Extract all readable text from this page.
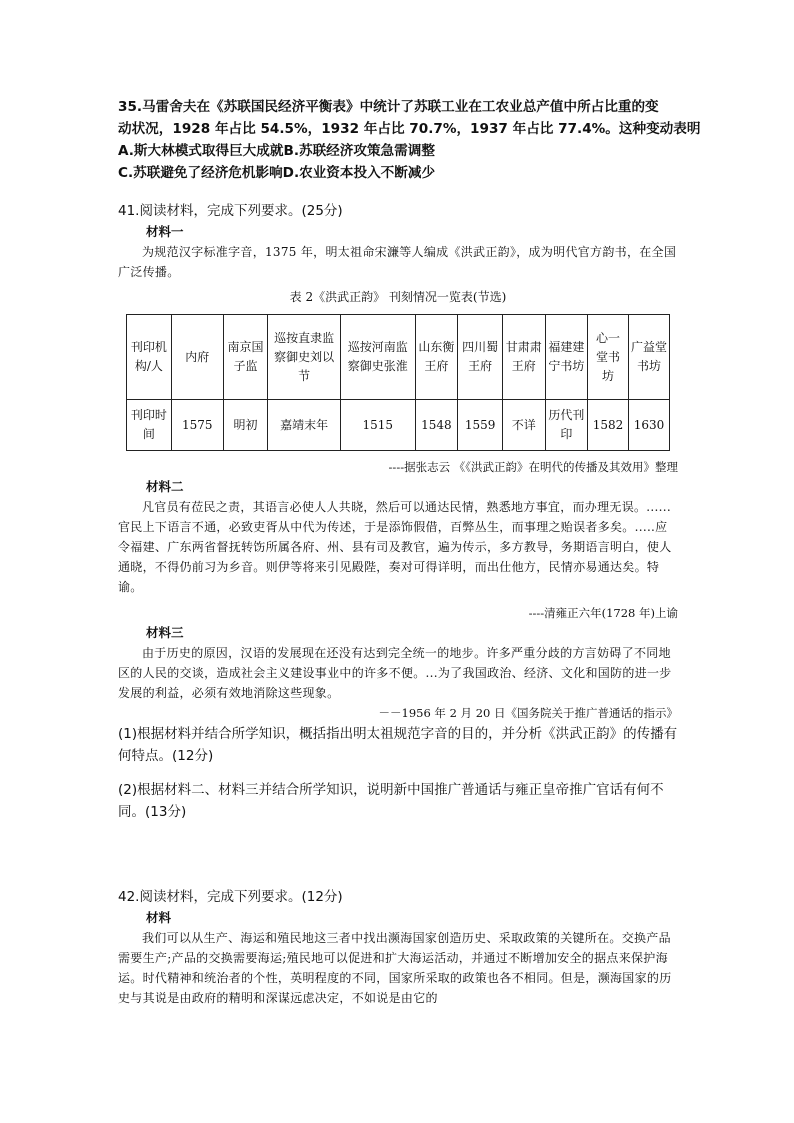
35.马雷舍夫在《苏联国民经济平衡表》中统计了苏联工业在工农业总产值中所占比重的变
动状况，1928 年占比 54.5%，1932 年占比 70.7%，1937 年占比 77.4%。这种变动表明
A.斯大林模式取得巨大成就B.苏联经济攻策急需调整
C.苏联避免了经济危机影响D.农业资本投入不断减少
41.阅读材料，完成下列要求。(25分)
材料一
为规范汉字标准字音，1375 年，明太祖命宋濂等人编成《洪武正韵》，成为明代官方韵书，在全国广泛传播。
表 2《洪武正韵》 刊刻情况一览表(节选)
刊印机构/人	内府	南京国子监	巡按直隶监察御史刘以节	巡按河南监察御史张淮	山东衡王府	四川蜀王府	甘肃肃王府	福建建宁书坊	心一堂书坊	广益堂书坊
刊印时间	1575	明初	嘉靖末年	1515	1548	1559	不详	历代刊印	1582	1630
----据张志云 《《洪武正韵》在明代的传播及其效用》整理
材料二
凡官员有莅民之责，其语言必使人人共晓，然后可以通达民情，熟悉地方事宜，而办理无误。......官民上下语言不通，必致吏胥从中代为传述，于是添饰假借，百弊丛生，而事理之贻误者多矣。.....应令福建、广东两省督抚转饬所属各府、州、县有司及教官，遍为传示，多方教导，务期语言明白，使人通晓，不得仍前习为乡音。则伊等将来引见殿陛，奏对可得详明，而出仕他方，民情亦易通达矣。特谕。
----清雍正六年(1728 年)上谕
材料三
由于历史的原因，汉语的发展现在还没有达到完全统一的地步。许多严重分歧的方言妨碍了不同地区的人民的交谈，造成社会主义建设事业中的许多不便。...为了我国政治、经济、文化和国防的进一步发展的利益，必须有效地消除这些现象。
－－1956 年 2 月 20 日《国务院关于推广普通话的指示》
(1)根据材料并结合所学知识，概括指出明太祖规范字音的目的，并分析《洪武正韵》的传播有何特点。(12分)
(2)根据材料二、材料三并结合所学知识，说明新中国推广普通话与雍正皇帝推广官话有何不同。(13分)
42.阅读材料，完成下列要求。(12分)
材料
我们可以从生产、海运和殖民地这三者中找出濒海国家创造历史、采取政策的关键所在。交换产品需要生产;产品的交换需要海运;殖民地可以促进和扩大海运活动，并通过不断增加安全的据点来保护海运。时代精神和统治者的个性，英明程度的不同，国家所采取的政策也各不相同。但是，濒海国家的历史与其说是由政府的精明和深谋远虑决定，不如说是由它的
